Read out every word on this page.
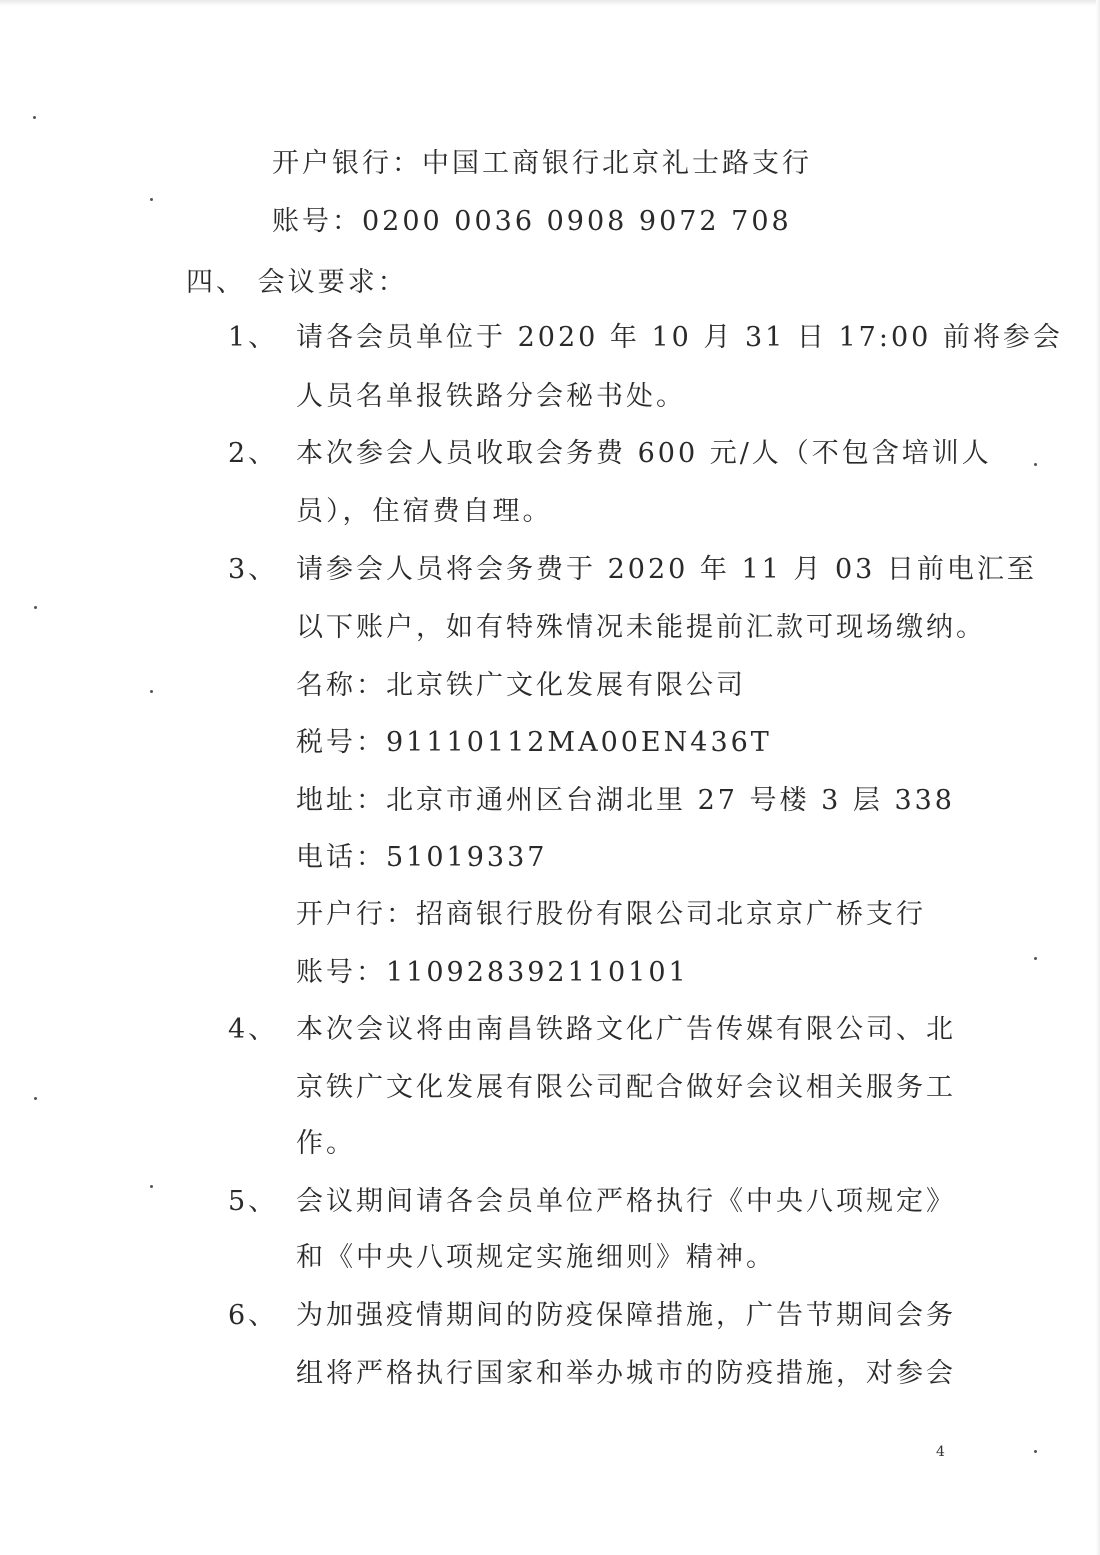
开户银行：中国工商银行北京礼士路支行
账号：0200 0036 0908 9072 708
四、 会议要求：
1、 请各会员单位于 2020 年 10 月 31 日 17:00 前将参会
人员名单报铁路分会秘书处。
2、 本次参会人员收取会务费 600 元/人（不包含培训人
员），住宿费自理。
3、 请参会人员将会务费于 2020 年 11 月 03 日前电汇至
以下账户，如有特殊情况未能提前汇款可现场缴纳。
名称：北京铁广文化发展有限公司
税号：91110112MA00EN436T
地址：北京市通州区台湖北里 27 号楼 3 层 338
电话：51019337
开户行：招商银行股份有限公司北京京广桥支行
账号：110928392110101
4、 本次会议将由南昌铁路文化广告传媒有限公司、北
京铁广文化发展有限公司配合做好会议相关服务工
作。
5、 会议期间请各会员单位严格执行《中央八项规定》
和《中央八项规定实施细则》精神。
6、 为加强疫情期间的防疫保障措施，广告节期间会务
组将严格执行国家和举办城市的防疫措施，对参会
4
